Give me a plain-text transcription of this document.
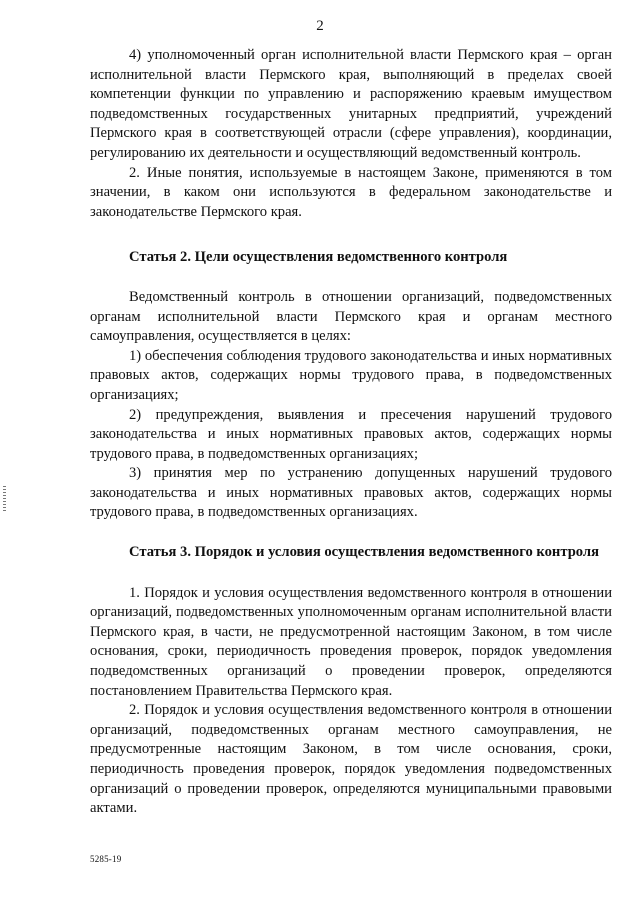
2

4) уполномоченный орган исполнительной власти Пермского края – орган исполнительной власти Пермского края, выполняющий в пределах своей компетенции функции по управлению и распоряжению краевым имуществом подведомственных государственных унитарных предприятий, учреждений Пермского края в соответствующей отрасли (сфере управления), координации, регулированию их деятельности и осуществляющий ведомственный контроль.

2. Иные понятия, используемые в настоящем Законе, применяются в том значении, в каком они используются в федеральном законодательстве и законодательстве Пермского края.

Статья 2. Цели осуществления ведомственного контроля

Ведомственный контроль в отношении организаций, подведомственных органам исполнительной власти Пермского края и органам местного самоуправления, осуществляется в целях:

1) обеспечения соблюдения трудового законодательства и иных нормативных правовых актов, содержащих нормы трудового права, в подведомственных организациях;

2) предупреждения, выявления и пресечения нарушений трудового законодательства и иных нормативных правовых актов, содержащих нормы трудового права, в подведомственных организациях;

3) принятия мер по устранению допущенных нарушений трудового законодательства и иных нормативных правовых актов, содержащих нормы трудового права, в подведомственных организациях.

Статья 3. Порядок и условия осуществления ведомственного контроля

1. Порядок и условия осуществления ведомственного контроля в отношении организаций, подведомственных уполномоченным органам исполнительной власти Пермского края, в части, не предусмотренной настоящим Законом, в том числе основания, сроки, периодичность проведения проверок, порядок уведомления подведомственных организаций о проведении проверок, определяются постановлением Правительства Пермского края.

2. Порядок и условия осуществления ведомственного контроля в отношении организаций, подведомственных органам местного самоуправления, не предусмотренные настоящим Законом, в том числе основания, сроки, периодичность проведения проверок, порядок уведомления подведомственных организаций о проведении проверок, определяются муниципальными правовыми актами.

5285-19
